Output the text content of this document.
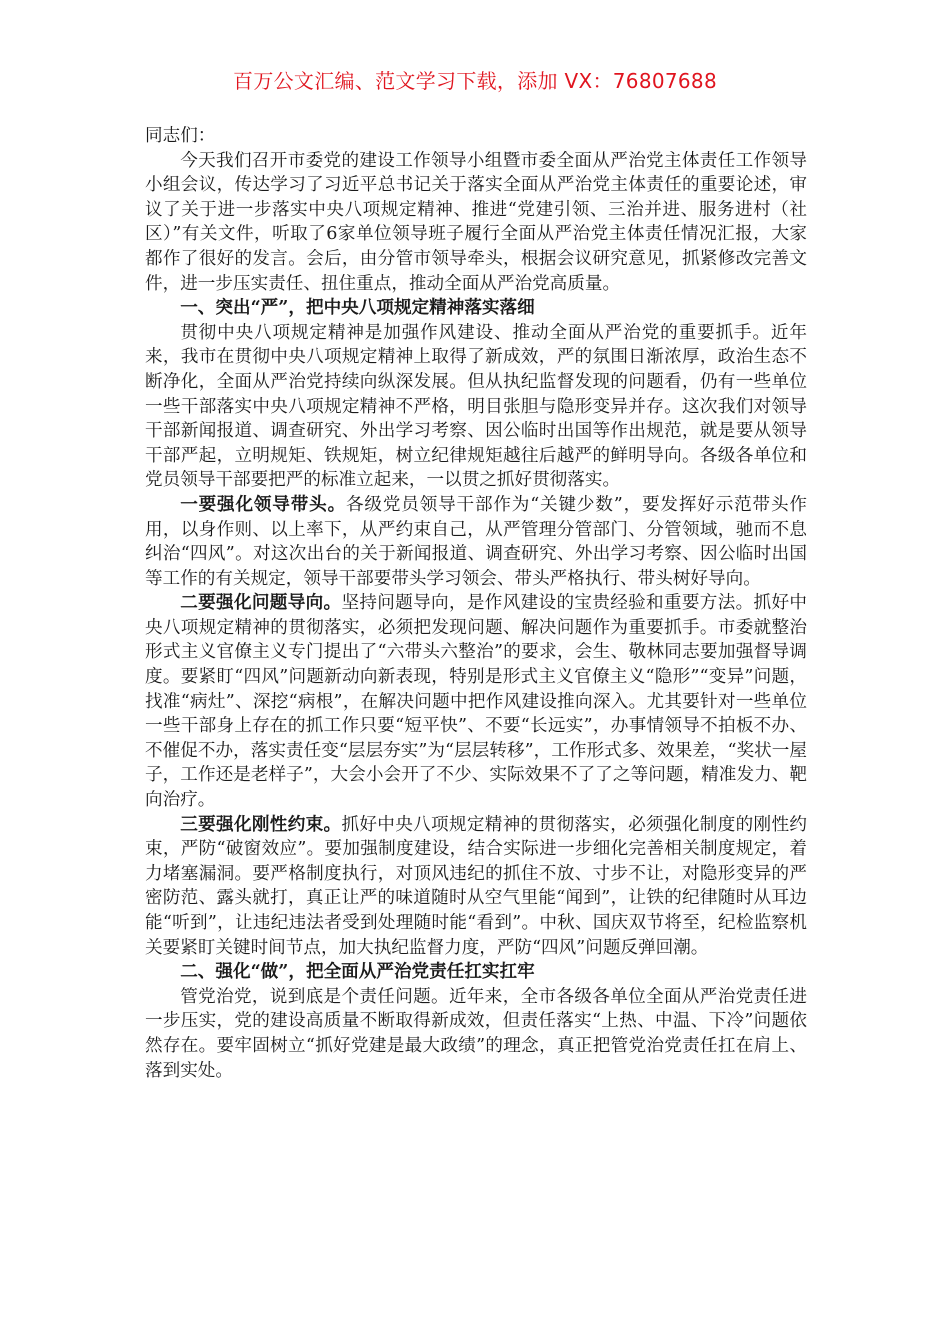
百万公文汇编、范文学习下载，添加 VX：76807688

同志们：

今天我们召开市委党的建设工作领导小组暨市委全面从严治党主体责任工作领导小组会议，传达学习了习近平总书记关于落实全面从严治党主体责任的重要论述，审议了关于进一步落实中央八项规定精神、推进“党建引领、三治并进、服务进村（社区）”有关文件，听取了6家单位领导班子履行全面从严治党主体责任情况汇报，大家都作了很好的发言。会后，由分管市领导牵头，根据会议研究意见，抓紧修改完善文件，进一步压实责任、扭住重点，推动全面从严治党高质量。

一、突出“严”，把中央八项规定精神落实落细

贯彻中央八项规定精神是加强作风建设、推动全面从严治党的重要抓手。近年来，我市在贯彻中央八项规定精神上取得了新成效，严的氛围日渐浓厚，政治生态不断净化，全面从严治党持续向纵深发展。但从执纪监督发现的问题看，仍有一些单位一些干部落实中央八项规定精神不严格，明目张胆与隐形变异并存。这次我们对领导干部新闻报道、调查研究、外出学习考察、因公临时出国等作出规范，就是要从领导干部严起，立明规矩、铁规矩，树立纪律规矩越往后越严的鲜明导向。各级各单位和党员领导干部要把严的标准立起来，一以贯之抓好贯彻落实。

一要强化领导带头。各级党员领导干部作为“关键少数”，要发挥好示范带头作用，以身作则、以上率下，从严约束自己，从严管理分管部门、分管领域，驰而不息纠治“四风”。对这次出台的关于新闻报道、调查研究、外出学习考察、因公临时出国等工作的有关规定，领导干部要带头学习领会、带头严格执行、带头树好导向。

二要强化问题导向。坚持问题导向，是作风建设的宝贵经验和重要方法。抓好中央八项规定精神的贯彻落实，必须把发现问题、解决问题作为重要抓手。市委就整治形式主义官僚主义专门提出了“六带头六整治”的要求，会生、敬林同志要加强督导调度。要紧盯“四风”问题新动向新表现，特别是形式主义官僚主义“隐形”“变异”问题，找准“病灶”、深挖“病根”，在解决问题中把作风建设推向深入。尤其要针对一些单位一些干部身上存在的抓工作只要“短平快”、不要“长远实”，办事情领导不拍板不办、不催促不办，落实责任变“层层夯实”为“层层转移”，工作形式多、效果差，“奖状一屋子，工作还是老样子”，大会小会开了不少、实际效果不了了之等问题，精准发力、靶向治疗。

三要强化刚性约束。抓好中央八项规定精神的贯彻落实，必须强化制度的刚性约束，严防“破窗效应”。要加强制度建设，结合实际进一步细化完善相关制度规定，着力堵塞漏洞。要严格制度执行，对顶风违纪的抓住不放、寸步不让，对隐形变异的严密防范、露头就打，真正让严的味道随时从空气里能“闻到”，让铁的纪律随时从耳边能“听到”，让违纪违法者受到处理随时能“看到”。中秋、国庆双节将至，纪检监察机关要紧盯关键时间节点，加大执纪监督力度，严防“四风”问题反弹回潮。

二、强化“做”，把全面从严治党责任扛实扛牢

管党治党，说到底是个责任问题。近年来，全市各级各单位全面从严治党责任进一步压实，党的建设高质量不断取得新成效，但责任落实“上热、中温、下冷”问题依然存在。要牢固树立“抓好党建是最大政绩”的理念，真正把管党治党责任扛在肩上、落到实处。
